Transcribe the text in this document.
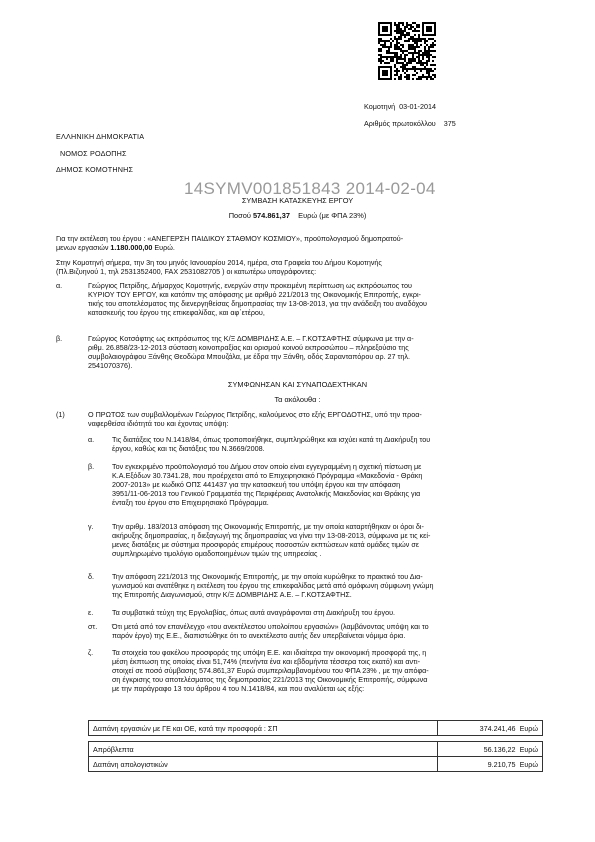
Κομοτηνή 03-01-2014
Αριθμός πρωτοκόλλου 375
ΕΛΛΗΝΙΚΗ ΔΗΜΟΚΡΑΤΙΑ
ΝΟΜΟΣ ΡΟΔΟΠΗΣ
ΔΗΜΟΣ ΚΟΜΟΤΗΝΗΣ
14SYMV001851843 2014-02-04
ΣΥΜΒΑΣΗ ΚΑΤΑΣΚΕΥΗΣ ΕΡΓΟΥ
Ποσού 574.861,37 Ευρώ (με ΦΠΑ 23%)
Για την εκτέλεση του έργου : «ΑΝΕΓΕΡΣΗ ΠΑΙΔΙΚΟΥ ΣΤΑΘΜΟΥ ΚΟΣΜΙΟΥ», προϋπολογισμού δημοπρατού-
μενων εργασιών 1.180.000,00 Ευρώ.
Στην Κομοτηνή σήμερα, την 3η του μηνός Ιανουαρίου 2014, ημέρα, στα Γραφεία του Δήμου Κομοτηνής
(Πλ.Βιζυηνού 1, τηλ 2531352400, FAX 2531082705 ) οι κατωτέρω υπογράφοντες:
α.	Γεώργιος Πετρίδης, Δήμαρχος Κομοτηνής, ενεργών στην προκειμένη περίπτωση ως εκπρόσωπος του
ΚΥΡΙΟΥ ΤΟΥ ΕΡΓΟΥ, και κατόπιν της απόφασης με αριθμό 221/2013 της Οικονομικής Επιτροπής, εγκρι-
τικής του αποτελέσματος της διενεργηθείσας δημοπρασίας την 13-08-2013, για την ανάδειξη του αναδόχου
κατασκευής του έργου της επικεφαλίδας, και αφ΄ετέρου,
β.	Γεώργιος Κοτσάφτης ως εκπρόσωπος της Κ/Ξ ΔΟΜΒΡΙΔΗΣ Α.Ε. – Γ.ΚΟΤΣΑΦΤΗΣ σύμφωνα με την α-
ριθμ. 26.858/23-12-2013 σύσταση κοινοπραξίας και ορισμού κοινού εκπροσώπου – πληρεξούσιο της
συμβολαιογράφου Ξάνθης Θεοδώρα Μπουζάλα, με έδρα την Ξάνθη, οδός Σαρανταπόρου αρ. 27 τηλ.
2541070376).
ΣΥΜΦΩΝΗΣΑΝ ΚΑΙ ΣΥΝΑΠΟΔΕΧΤΗΚΑΝ
Τα ακόλουθα :
(1)	Ο ΠΡΩΤΟΣ των συμβαλλομένων Γεώργιος Πετρίδης, καλούμενος στο εξής ΕΡΓΟΔΟΤΗΣ, υπό την προα-
ναφερθείσα ιδιότητά του και έχοντας υπόψη:
α.	Τις διατάξεις του Ν.1418/84, όπως τροποποιήθηκε, συμπληρώθηκε και ισχύει κατά τη Διακήρυξη του
έργου, καθώς και τις διατάξεις του Ν.3669/2008.
β.	Τον εγκεκριμένο προϋπολογισμό του Δήμου στον οποίο είναι εγγεγραμμένη η σχετική πίστωση με
Κ.Α.Εξόδων 30.7341.28, που προέρχεται από το Επιχειρησιακό Πρόγραμμα «Μακεδονία - Θράκη
2007-2013» με κωδικό ΟΠΣ 441437 για την κατασκευή του υπόψη έργου και την απόφαση
3951/11-06-2013 του Γενικού Γραμματέα της Περιφέρειας Ανατολικής Μακεδονίας και Θράκης για
ένταξη του έργου στο Επιχειρησιακό Πρόγραμμα.
γ.	Την αριθμ. 183/2013 απόφαση της Οικονομικής Επιτροπής, με την οποία καταρτήθηκαν οι όροι δι-
ακήρυξης δημοπρασίας, η διεξαγωγή της δημοπρασίας να γίνει την 13-08-2013, σύμφωνα με τις κεί-
μενες διατάξεις με σύστημα προσφοράς επιμέρους ποσοστών εκπτώσεων κατά ομάδες τιμών σε
συμπληρωμένο τιμολόγιο ομαδοποιημένων τιμών της υπηρεσίας .
δ.	Την απόφαση 221/2013 της Οικονομικής Επιτροπής, με την οποία κυρώθηκε το πρακτικό του Δια-
γωνισμού και ανατέθηκε η εκτέλεση του έργου της επικεφαλίδας μετά από ομόφωνη σύμφωνη γνώμη
της Επιτροπής Διαγωνισμού, στην Κ/Ξ ΔΟΜΒΡΙΔΗΣ Α.Ε. – Γ.ΚΟΤΣΑΦΤΗΣ.
ε.	Τα συμβατικά τεύχη της Εργολαβίας, όπως αυτά αναγράφονται στη Διακήρυξη του έργου.
στ.	Ότι μετά από τον επανέλεγχο «του ανεκτέλεστου υπολοίπου εργασιών» (λαμβάνοντας υπόψη και το
παρόν έργο) της Ε.Ε., διαπιστώθηκε ότι το ανεκτέλεστο αυτής δεν υπερβαίνεται νόμιμα όρια.
ζ.	Τα στοιχεία του φακέλου προσφοράς της υπόψη Ε.Ε. και ιδιαίτερα την οικονομική προσφορά της, η
μέση έκπτωση της οποίας είναι 51,74% (πενήντα ένα και εβδομήντα τέσσερα τοις εκατό) και αντι-
στοιχεί σε ποσό σύμβασης 574.861,37 Ευρώ συμπεριλαμβανομένου του ΦΠΑ 23% , με την απόφα-
ση έγκρισης του αποτελέσματος της δημοπρασίας 221/2013 της Οικονομικής Επιτροπής, σύμφωνα
με την παράγραφο 13 του άρθρου 4 του Ν.1418/84, και που αναλύεται ως εξής:
Δαπάνη εργασιών με ΓΕ και ΟΕ, κατά την προσφορά : ΣΠ	374.241,46 Ευρώ

Απρόβλεπτα	56.136,22 Ευρώ
Δαπάνη απολογιστικών	9.210,75 Ευρώ
